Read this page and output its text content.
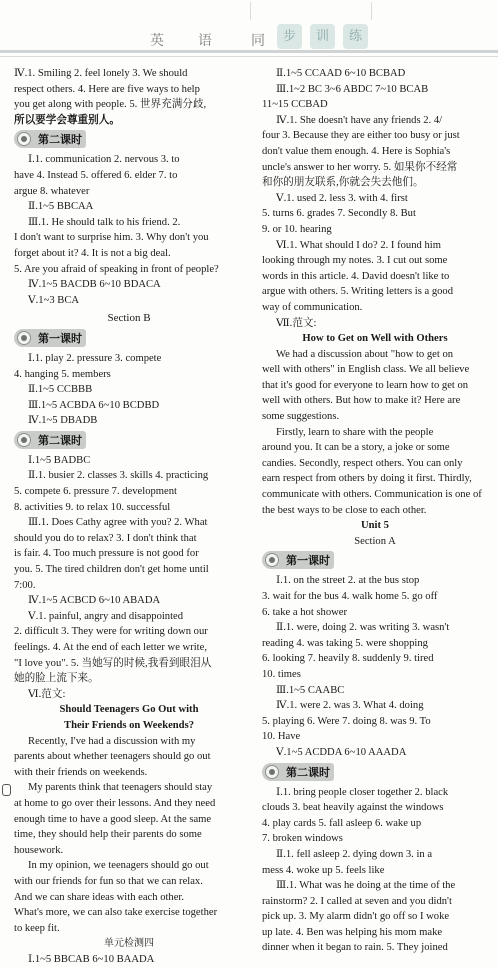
英 语	同	步	训	练
Ⅳ.1. Smiling 2. feel lonely 3. We should
respect others. 4. Here are five ways to help
you get along with people. 5. 世界充满分歧,
所以要学会尊重别人。
第二课时
Ⅰ.1. communication 2. nervous 3. to
have 4. Instead 5. offered 6. elder 7. to
argue 8. whatever
Ⅱ.1~5 BBCAA
Ⅲ.1. He should talk to his friend. 2.
I don't want to surprise him. 3. Why don't you
forget about it? 4. It is not a big deal.
5. Are you afraid of speaking in front of people?
Ⅳ.1~5 BACDB 6~10 BDACA
Ⅴ.1~3 BCA
Section B
第一课时
Ⅰ.1. play 2. pressure 3. compete
4. hanging 5. members
Ⅱ.1~5 CCBBB
Ⅲ.1~5 ACBDA 6~10 BCDBD
Ⅳ.1~5 DBADB
第二课时
Ⅰ.1~5 BADBC
Ⅱ.1. busier 2. classes 3. skills 4. practicing
5. compete 6. pressure 7. development
8. activities 9. to relax 10. successful
Ⅲ.1. Does Cathy agree with you? 2. What
should you do to relax? 3. I don't think that
is fair. 4. Too much pressure is not good for
you. 5. The tired children don't get home until
7:00.
Ⅳ.1~5 ACBCD 6~10 ABADA
Ⅴ.1. painful, angry and disappointed
2. difficult 3. They were for writing down our
feelings. 4. At the end of each letter we write,
"I love you". 5. 当她写的时候,我看到眼泪从
她的脸上流下来。
Ⅵ.范文:
Should Teenagers Go Out with
Their Friends on Weekends?
Recently, I've had a discussion with my
parents about whether teenagers should go out
with their friends on weekends.
My parents think that teenagers should stay
at home to go over their lessons. And they need
enough time to have a good sleep. At the same
time, they should help their parents do some
housework.
In my opinion, we teenagers should go out
with our friends for fun so that we can relax.
And we can share ideas with each other.
What's more, we can also take exercise together
to keep fit.
单元检测四
Ⅰ.1~5 BBCAB 6~10 BAADA
Ⅱ.1~5 CCAAD 6~10 BCBAD
Ⅲ.1~2 BC 3~6 ABDC 7~10 BCAB
11~15 CCBAD
Ⅳ.1. She doesn't have any friends 2. 4/
four 3. Because they are either too busy or just
don't value them enough. 4. Here is Sophia's
uncle's answer to her worry. 5. 如果你不经常
和你的朋友联系,你就会失去他们。
Ⅴ.1. used 2. less 3. with 4. first
5. turns 6. grades 7. Secondly 8. But
9. or 10. hearing
Ⅵ.1. What should I do? 2. I found him
looking through my notes. 3. I cut out some
words in this article. 4. David doesn't like to
argue with others. 5. Writing letters is a good
way of communication.
Ⅶ.范文:
How to Get on Well with Others
We had a discussion about "how to get on
well with others" in English class. We all believe
that it's good for everyone to learn how to get on
well with others. But how to make it? Here are
some suggestions.
Firstly, learn to share with the people
around you. It can be a story, a joke or some
candies. Secondly, respect others. You can only
earn respect from others by doing it first. Thirdly,
communicate with others. Communication is one of
the best ways to be close to each other.
Unit 5
Section A
第一课时
Ⅰ.1. on the street 2. at the bus stop
3. wait for the bus 4. walk home 5. go off
6. take a hot shower
Ⅱ.1. were, doing 2. was writing 3. wasn't
reading 4. was taking 5. were shopping
6. looking 7. heavily 8. suddenly 9. tired
10. times
Ⅲ.1~5 CAABC
Ⅳ.1. were 2. was 3. What 4. doing
5. playing 6. Were 7. doing 8. was 9. To
10. Have
Ⅴ.1~5 ACDDA 6~10 AAADA
第二课时
Ⅰ.1. bring people closer together 2. black
clouds 3. beat heavily against the windows
4. play cards 5. fall asleep 6. wake up
7. broken windows
Ⅱ.1. fell asleep 2. dying down 3. in a
mess 4. woke up 5. feels like
Ⅲ.1. What was he doing at the time of the
rainstorm? 2. I called at seven and you didn't
pick up. 3. My alarm didn't go off so I woke
up late. 4. Ben was helping his mom make
dinner when it began to rain. 5. They joined
